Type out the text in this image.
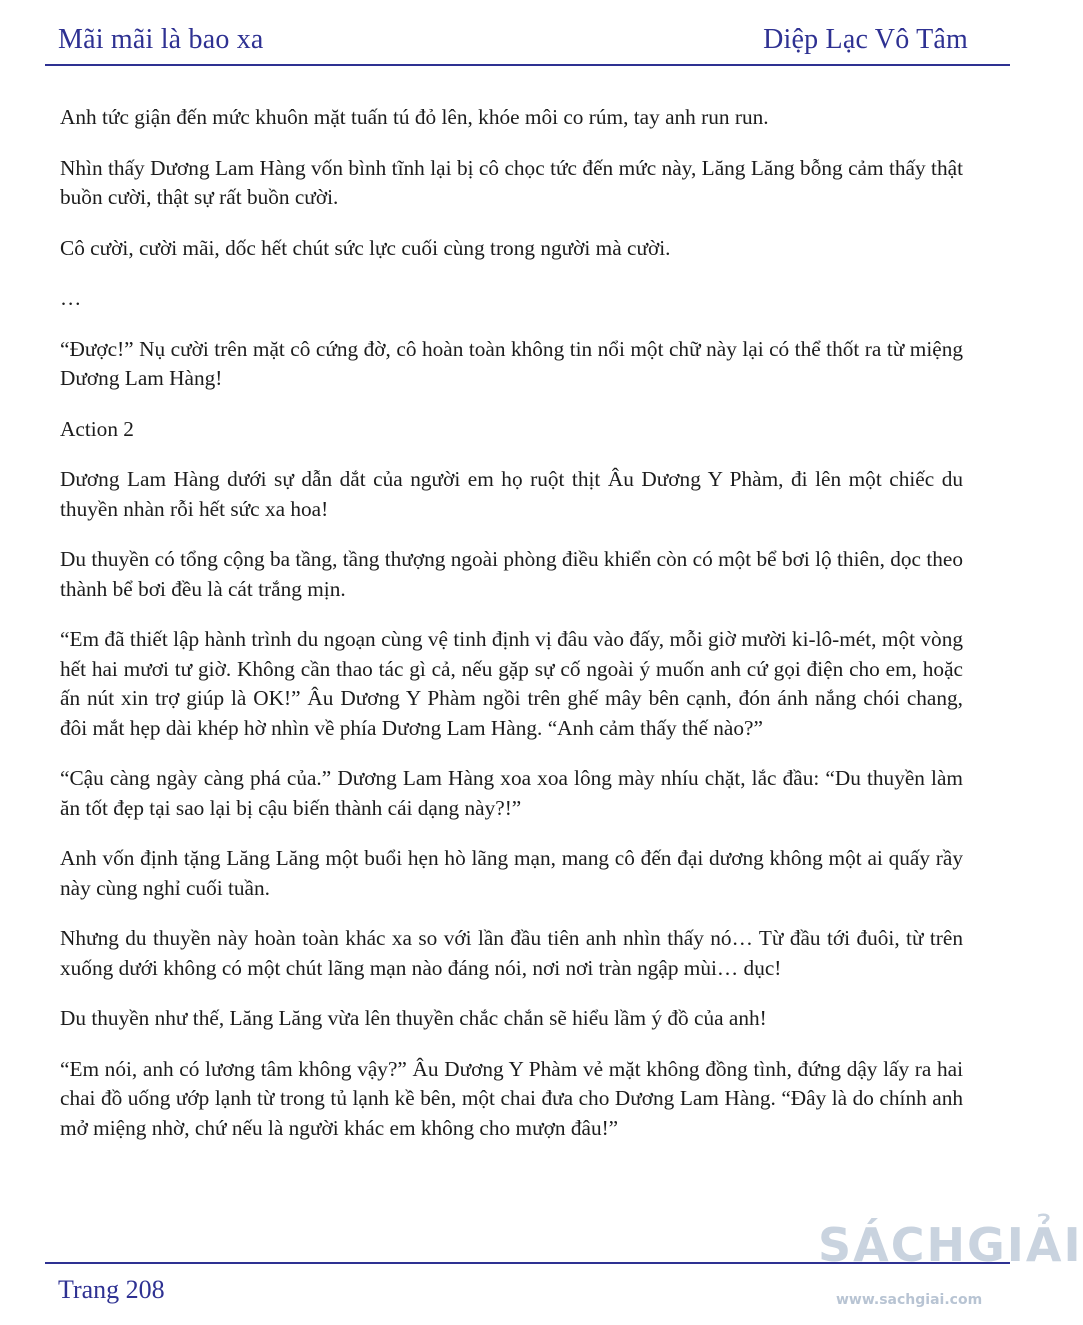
Mãi mãi là bao xa	Diệp Lạc Vô Tâm

Anh tức giận đến mức khuôn mặt tuấn tú đỏ lên, khóe môi co rúm, tay anh run run.

Nhìn thấy Dương Lam Hàng vốn bình tĩnh lại bị cô chọc tức đến mức này, Lăng Lăng bỗng cảm thấy thật buồn cười, thật sự rất buồn cười.

Cô cười, cười mãi, dốc hết chút sức lực cuối cùng trong người mà cười.

…

“Được!” Nụ cười trên mặt cô cứng đờ, cô hoàn toàn không tin nổi một chữ này lại có thể thốt ra từ miệng Dương Lam Hàng!

Action 2

Dương Lam Hàng dưới sự dẫn dắt của người em họ ruột thịt Âu Dương Y Phàm, đi lên một chiếc du thuyền nhàn rỗi hết sức xa hoa!

Du thuyền có tổng cộng ba tầng, tầng thượng ngoài phòng điều khiển còn có một bể bơi lộ thiên, dọc theo thành bể bơi đều là cát trắng mịn.

“Em đã thiết lập hành trình du ngoạn cùng vệ tinh định vị đâu vào đấy, mỗi giờ mười ki-lô-mét, một vòng hết hai mươi tư giờ. Không cần thao tác gì cả, nếu gặp sự cố ngoài ý muốn anh cứ gọi điện cho em, hoặc ấn nút xin trợ giúp là OK!” Âu Dương Y Phàm ngồi trên ghế mây bên cạnh, đón ánh nắng chói chang, đôi mắt hẹp dài khép hờ nhìn về phía Dương Lam Hàng. “Anh cảm thấy thế nào?”

“Cậu càng ngày càng phá của.” Dương Lam Hàng xoa xoa lông mày nhíu chặt, lắc đầu: “Du thuyền làm ăn tốt đẹp tại sao lại bị cậu biến thành cái dạng này?!”

Anh vốn định tặng Lăng Lăng một buổi hẹn hò lãng mạn, mang cô đến đại dương không một ai quấy rầy này cùng nghỉ cuối tuần.

Nhưng du thuyền này hoàn toàn khác xa so với lần đầu tiên anh nhìn thấy nó… Từ đầu tới đuôi, từ trên xuống dưới không có một chút lãng mạn nào đáng nói, nơi nơi tràn ngập mùi… dục!

Du thuyền như thế, Lăng Lăng vừa lên thuyền chắc chắn sẽ hiểu lầm ý đồ của anh!

“Em nói, anh có lương tâm không vậy?” Âu Dương Y Phàm vẻ mặt không đồng tình, đứng dậy lấy ra hai chai đồ uống ướp lạnh từ trong tủ lạnh kề bên, một chai đưa cho Dương Lam Hàng. “Đây là do chính anh mở miệng nhờ, chứ nếu là người khác em không cho mượn đâu!”

Trang 208
SÁCHGIẢI
www.sachgiai.com
